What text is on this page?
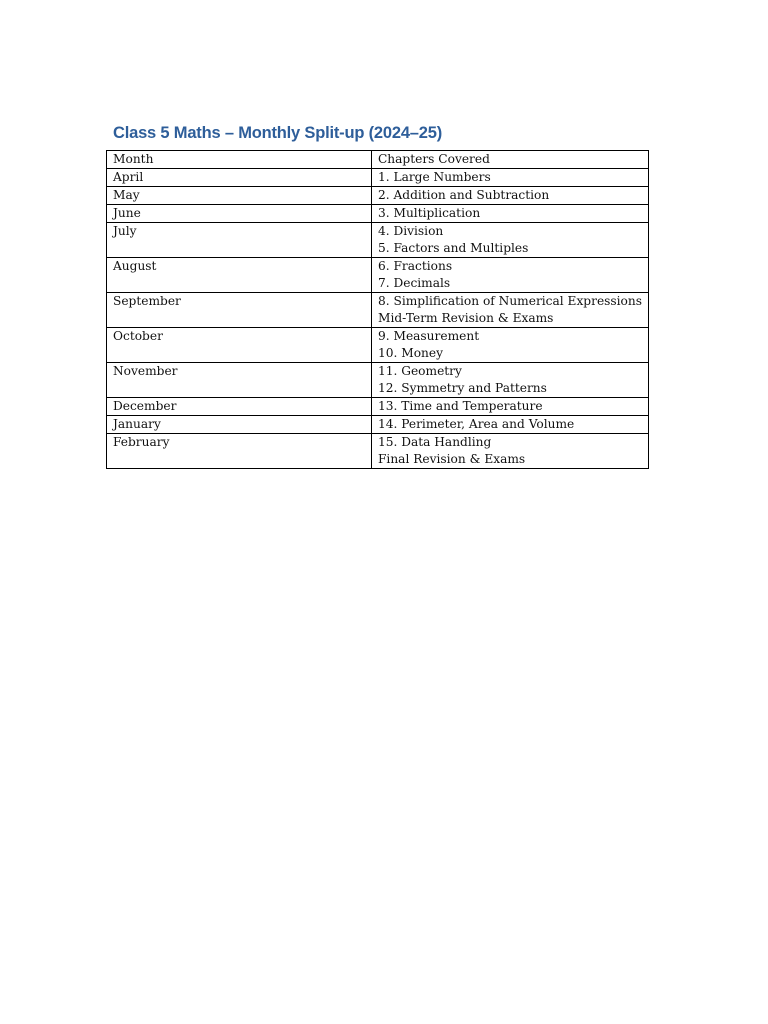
Class 5 Maths – Monthly Split-up (2024–25)
Month	Chapters Covered
April	1. Large Numbers

May	2. Addition and Subtraction

June	3. Multiplication

July	4. Division
5. Factors and Multiples

August	6. Fractions
7. Decimals

September	8. Simplification of Numerical Expressions
Mid-Term Revision & Exams

October	9. Measurement
10. Money

November	11. Geometry
12. Symmetry and Patterns

December	13. Time and Temperature

January	14. Perimeter, Area and Volume

February	15. Data Handling
Final Revision & Exams
